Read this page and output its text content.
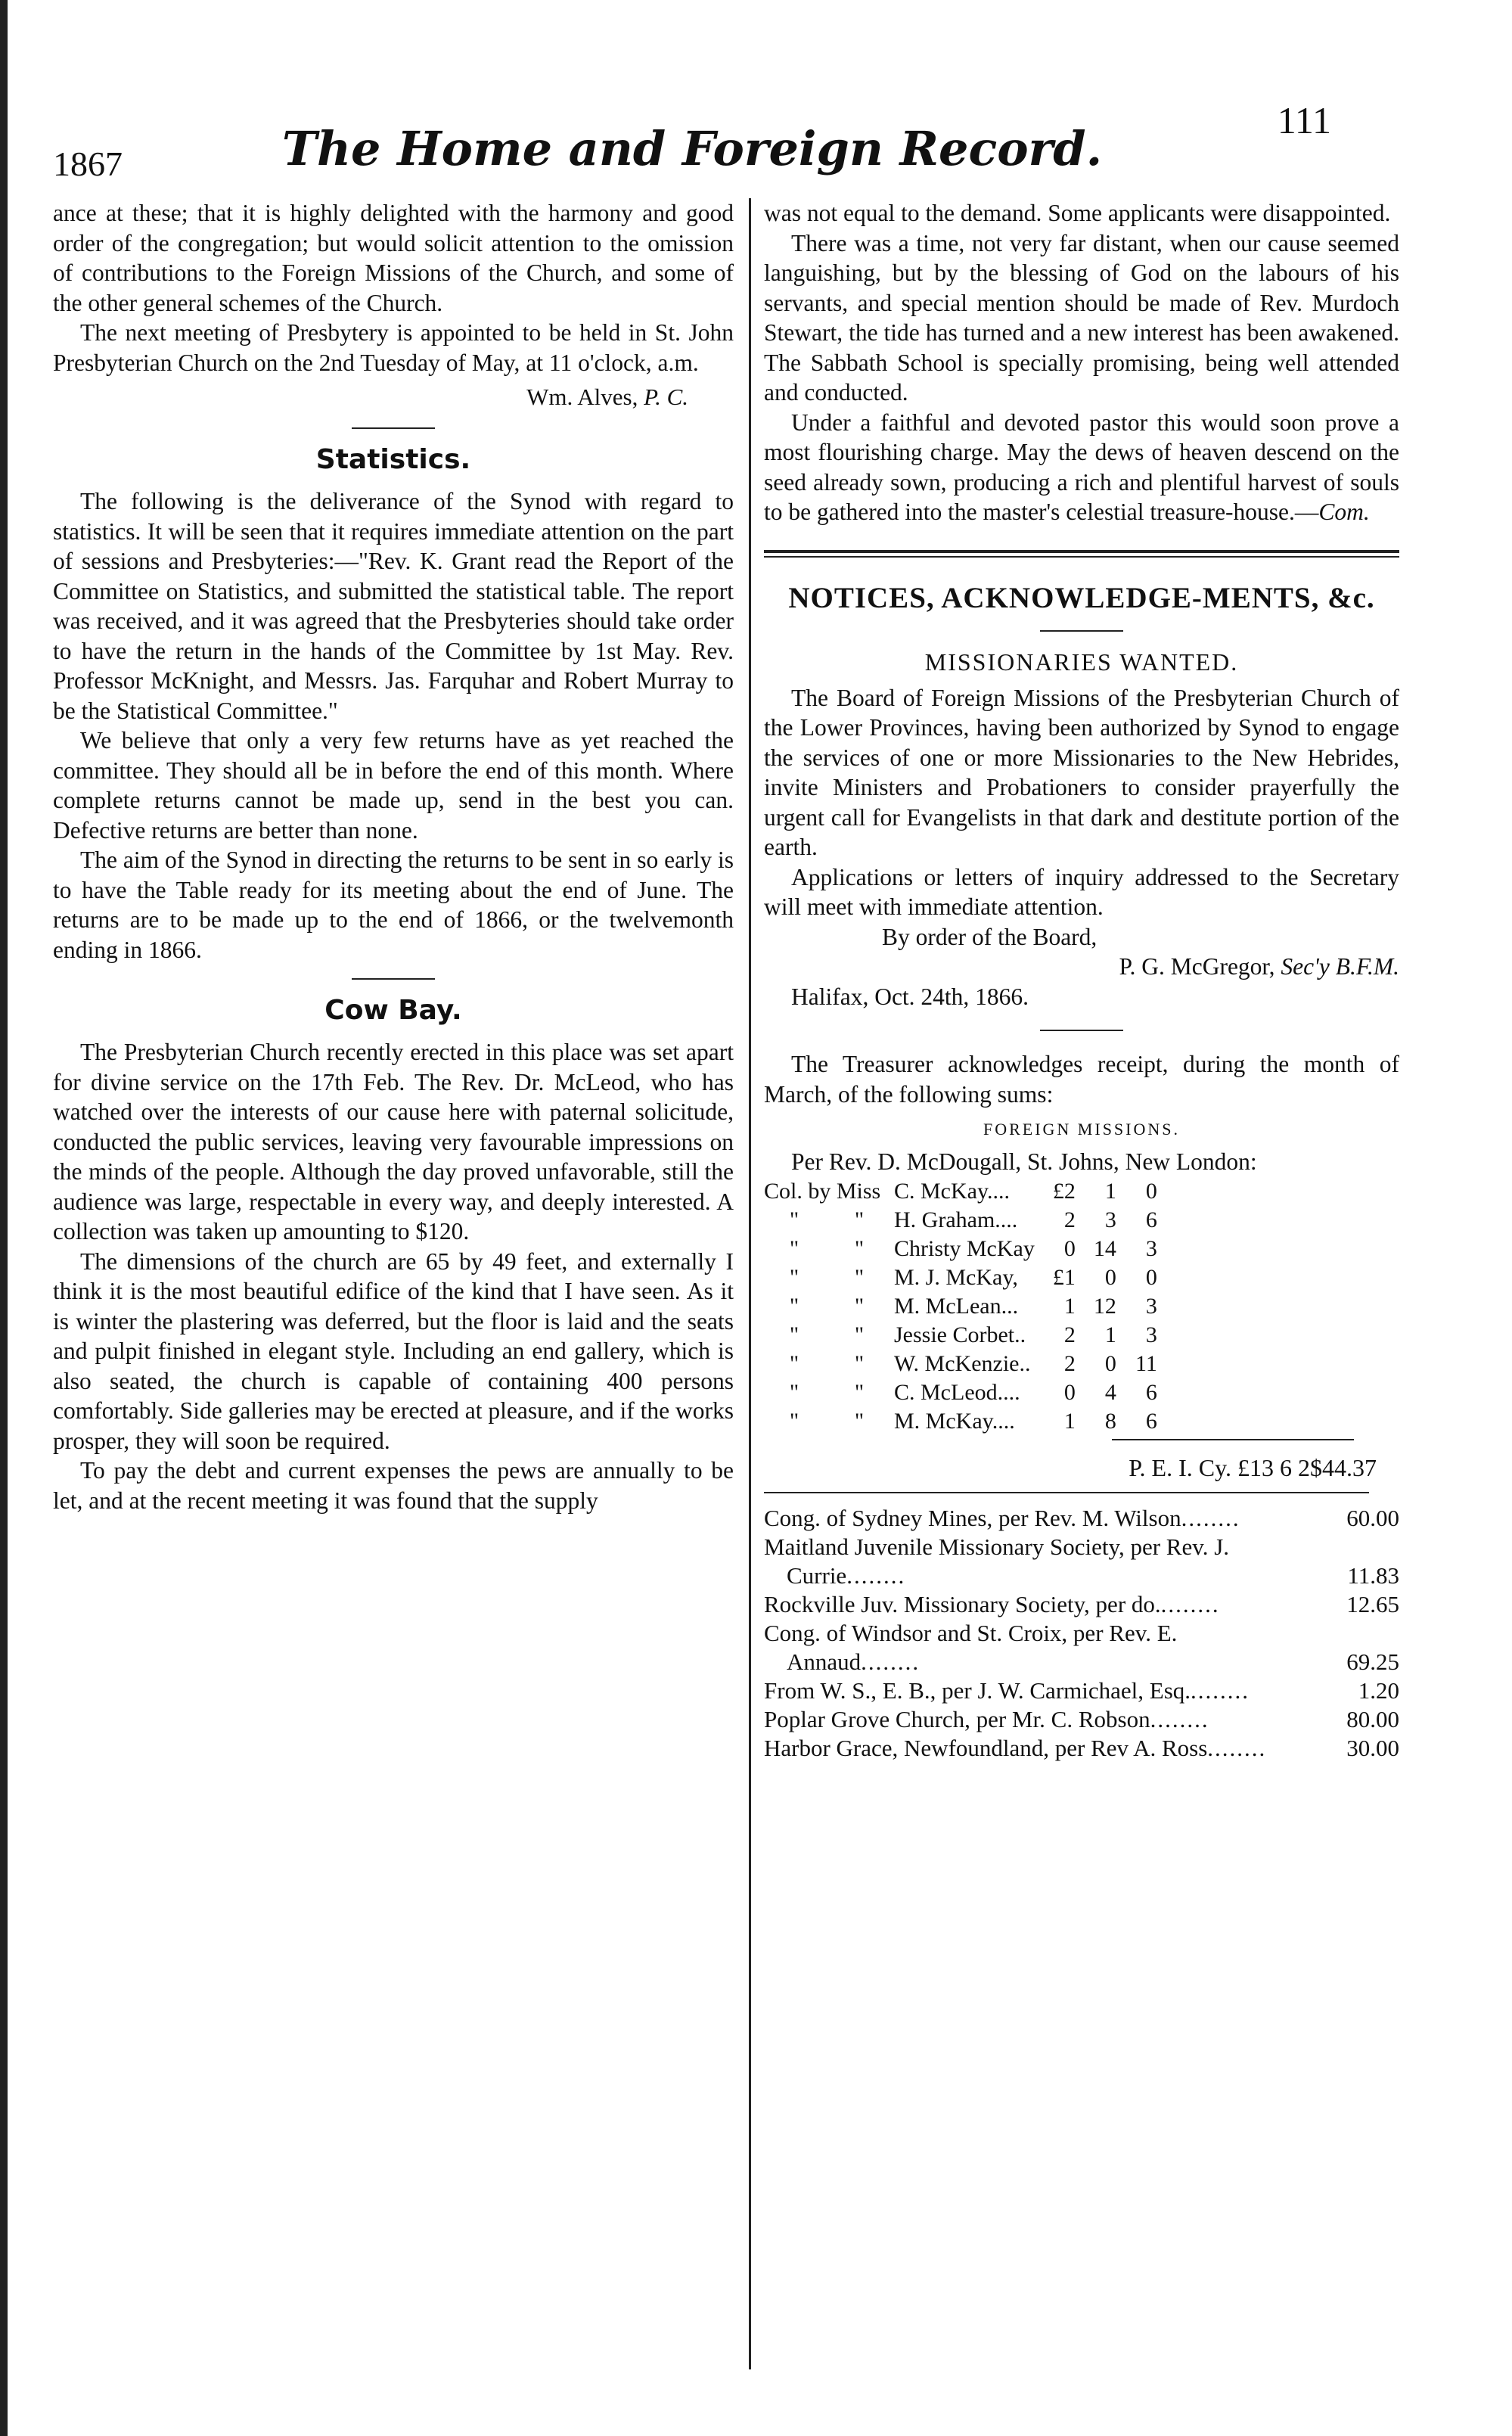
1867	The Home and Foreign Record.
111

ance at these; that it is highly delighted with the harmony and good order of the congregation; but would solicit attention to the omission of contributions to the Foreign Missions of the Church, and some of the other general schemes of the Church.

The next meeting of Presbytery is appointed to be held in St. John Presbyterian Church on the 2nd Tuesday of May, at 11 o'clock, a.m.

Wm. Alves, P. C.
Statistics.

The following is the deliverance of the Synod with regard to statistics. It will be seen that it requires immediate attention on the part of sessions and Presbyteries:—"Rev. K. Grant read the Report of the Committee on Statistics, and submitted the statistical table. The report was received, and it was agreed that the Presbyteries should take order to have the return in the hands of the Committee by 1st May. Rev. Professor McKnight, and Messrs. Jas. Farquhar and Robert Murray to be the Statistical Committee."

We believe that only a very few returns have as yet reached the committee. They should all be in before the end of this month. Where complete returns cannot be made up, send in the best you can. Defective returns are better than none.

The aim of the Synod in directing the returns to be sent in so early is to have the Table ready for its meeting about the end of June. The returns are to be made up to the end of 1866, or the twelvemonth ending in 1866.

Cow Bay.

The Presbyterian Church recently erected in this place was set apart for divine service on the 17th Feb. The Rev. Dr. McLeod, who has watched over the interests of our cause here with paternal solicitude, conducted the public services, leaving very favourable impressions on the minds of the people. Although the day proved unfavorable, still the audience was large, respectable in every way, and deeply interested. A collection was taken up amounting to $120.

The dimensions of the church are 65 by 49 feet, and externally I think it is the most beautiful edifice of the kind that I have seen. As it is winter the plastering was deferred, but the floor is laid and the seats and pulpit finished in elegant style. Including an end gallery, which is also seated, the church is capable of containing 400 persons comfortably. Side galleries may be erected at pleasure, and if the works prosper, they will soon be required.

To pay the debt and current expenses the pews are annually to be let, and at the recent meeting it was found that the supply

was not equal to the demand. Some applicants were disappointed.

There was a time, not very far distant, when our cause seemed languishing, but by the blessing of God on the labours of his servants, and special mention should be made of Rev. Murdoch Stewart, the tide has turned and a new interest has been awakened. The Sabbath School is specially promising, being well attended and conducted.

Under a faithful and devoted pastor this would soon prove a most flourishing charge. May the dews of heaven descend on the seed already sown, producing a rich and plentiful harvest of souls to be gathered into the master's celestial treasure-house.—Com.

NOTICES, ACKNOWLEDGE-MENTS, &c.
MISSIONARIES WANTED.

The Board of Foreign Missions of the Presbyterian Church of the Lower Provinces, having been authorized by Synod to engage the services of one or more Missionaries to the New Hebrides, invite Ministers and Probationers to consider prayerfully the urgent call for Evangelists in that dark and destitute portion of the earth.

Applications or letters of inquiry addressed to the Secretary will meet with immediate attention.

By order of the Board,

P. G. McGregor, Sec'y B.F.M.

Halifax, Oct. 24th, 1866.

The Treasurer acknowledges receipt, during the month of March, of the following sums:

FOREIGN MISSIONS.

Per Rev. D. McDougall, St. Johns, New London:

Col. by Miss		C. McKay....	£2	1	0
"	"	H. Graham....	2	3	6
"	"	Christy McKay	0	14	3
"	"	M. J. McKay,	£1	0	0
"	"	M. McLean...	1	12	3
"	"	Jessie Corbet..	2	1	3
"	"	W. McKenzie..	2	0	11
"	"	C. McLeod....	0	4	6
"	"	M. McKay....	1	8	6
P. E. I. Cy. £13 6 2$44.37
Cong. of Sydney Mines, per Rev. M. Wilson........	60.00
Maitland Juvenile Missionary Society, per Rev. J. Currie........	11.83
Rockville Juv. Missionary Society, per do.........	12.65
Cong. of Windsor and St. Croix, per Rev. E. Annaud........	69.25
From W. S., E. B., per J. W. Carmichael, Esq.........	1.20
Poplar Grove Church, per Mr. C. Robson........	80.00
Harbor Grace, Newfoundland, per Rev A. Ross........	30.00
